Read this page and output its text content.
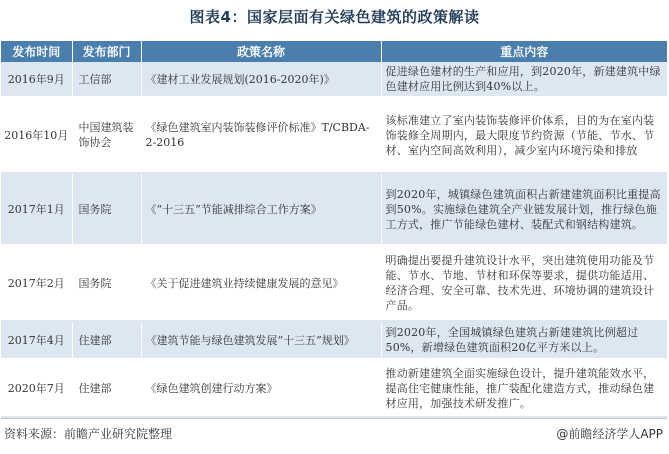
图表4：国家层面有关绿色建筑的政策解读
发布时间	发布部门	政策名称	重点内容
2016年9月	工信部	《建材工业发展规划(2016-2020年)》	促进绿色建材的生产和应用，到2020年，新建建筑中绿色建材应用比例达到40%以上。
2016年10月	中国建筑装饰协会	《绿色建筑室内装饰装修评价标准》T/CBDA-2-2016	该标准建立了室内装饰装修评价体系，目的为在室内装饰装修全周期内，最大限度节约资源（节能、节水、节材、室内空间高效利用），减少室内环境污染和排放
2017年1月	国务院	《“十三五”节能减排综合工作方案》	到2020年，城镇绿色建筑面积占新建建筑面积比重提高到50%。实施绿色建筑全产业链发展计划，推行绿色施工方式，推广节能绿色建材、装配式和钢结构建筑。
2017年2月	国务院	《关于促进建筑业持续健康发展的意见》	明确提出要提升建筑设计水平，突出建筑使用功能及节能、节水、节地、节材和环保等要求，提供功能适用、经济合理、安全可靠、技术先进、环境协调的建筑设计产品。
2017年4月	住建部	《建筑节能与绿色建筑发展“十三五”规划》	到2020年，全国城镇绿色建筑占新建建筑比例超过50%，新增绿色建筑面积20亿平方米以上。
2020年7月	住建部	《绿色建筑创建行动方案》	推动新建建筑全面实施绿色设计，提升建筑能效水平，提高住宅健康性能，推广装配化建造方式，推动绿色建材应用，加强技术研发推广。
资料来源：前瞻产业研究院整理	@前瞻经济学人APP
